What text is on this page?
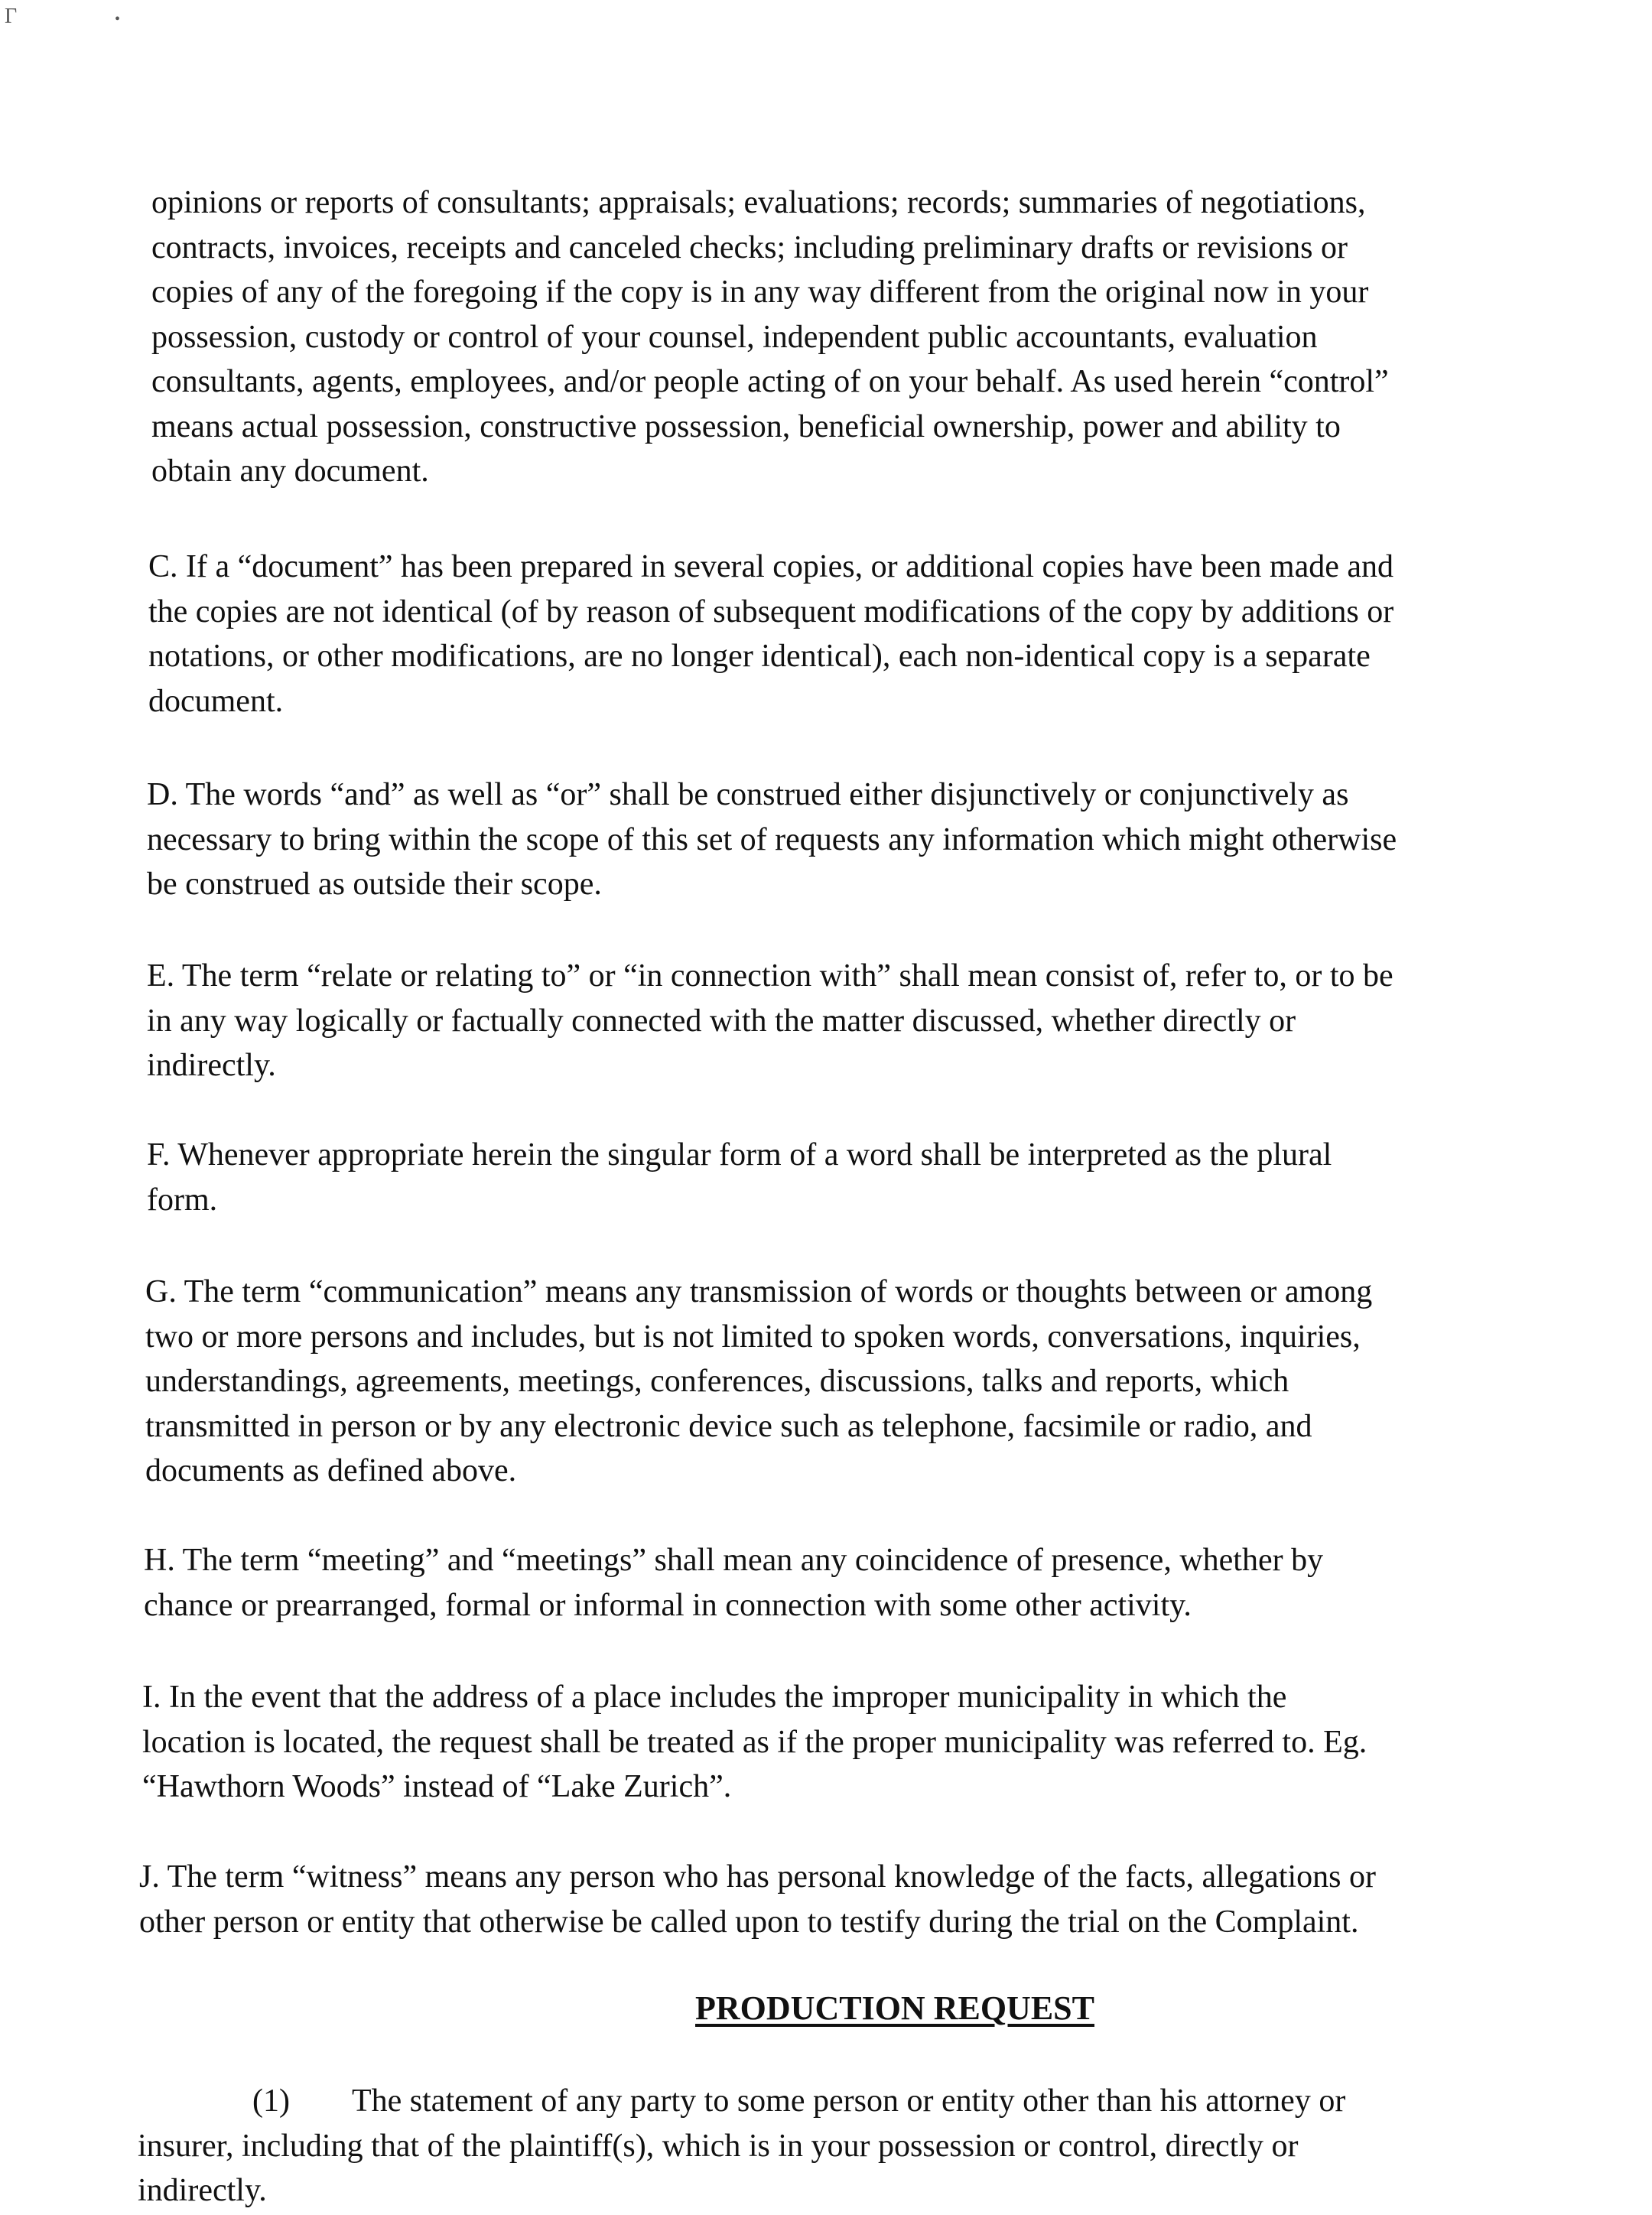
Γ	•

opinions or reports of consultants; appraisals; evaluations; records; summaries of negotiations,
contracts, invoices, receipts and canceled checks; including preliminary drafts or revisions or
copies of any of the foregoing if the copy is in any way different from the original now in your
possession, custody or control of your counsel, independent public accountants, evaluation
consultants, agents, employees, and/or people acting of on your behalf. As used herein “control”
means actual possession, constructive possession, beneficial ownership, power and ability to
obtain any document.

C. If a “document” has been prepared in several copies, or additional copies have been made and
the copies are not identical (of by reason of subsequent modifications of the copy by additions or
notations, or other modifications, are no longer identical), each non-identical copy is a separate
document.

D. The words “and” as well as “or” shall be construed either disjunctively or conjunctively as
necessary to bring within the scope of this set of requests any information which might otherwise
be construed as outside their scope.

E. The term “relate or relating to” or “in connection with” shall mean consist of, refer to, or to be
in any way logically or factually connected with the matter discussed, whether directly or
indirectly.

F. Whenever appropriate herein the singular form of a word shall be interpreted as the plural
form.

G. The term “communication” means any transmission of words or thoughts between or among
two or more persons and includes, but is not limited to spoken words, conversations, inquiries,
understandings, agreements, meetings, conferences, discussions, talks and reports, which
transmitted in person or by any electronic device such as telephone, facsimile or radio, and
documents as defined above.

H. The term “meeting” and “meetings” shall mean any coincidence of presence, whether by
chance or prearranged, formal or informal in connection with some other activity.

I. In the event that the address of a place includes the improper municipality in which the
location is located, the request shall be treated as if the proper municipality was referred to. Eg.
“Hawthorn Woods” instead of “Lake Zurich”.

J. The term “witness” means any person who has personal knowledge of the facts, allegations or
other person or entity that otherwise be called upon to testify during the trial on the Complaint.

PRODUCTION REQUEST

(1) The statement of any party to some person or entity other than his attorney or
insurer, including that of the plaintiff(s), which is in your possession or control, directly or
indirectly.
